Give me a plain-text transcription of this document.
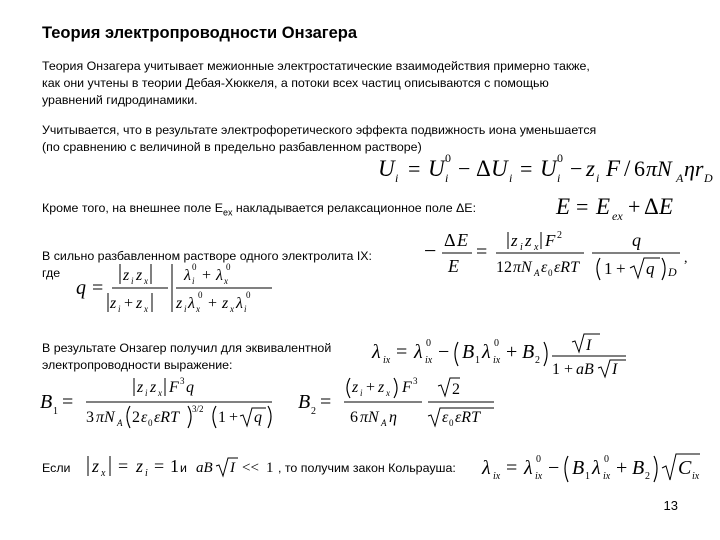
Теория электропроводности Онзагера
Теория Онзагера учитывает межионные электростатические взаимодействия примерно также,
как они учтены в теории Дебая-Хюккеля, а потоки всех частиц описываются с помощью
уравнений гидродинамики.
Учитывается, что в результате электрофоретического эффекта подвижность иона уменьшается
(по сравнению с величиной в предельно разбавленном растворе)
U i = U i
0 − Δ U i = U i
0 − z i F / 6 πN A ηr D
Кроме того, на внешнее поле $E_{ex}$ накладывается релаксационное поле ΔE:	E = E ex + Δ E
В сильно разбавленном растворе одного электролита IX:
где
− Δ E
E
=
z i z x F 2
12 πN A ε 0 εRT
q
1 + q D
,
q =
z i z x
z i + z x
λ i
0 + λ x
0
z i λ x
0 + z x λ i
0
В результате Онзагер получил для эквивалентной
электропроводности выражение:
λ ix = λ ix
0 − B 1 λ ix
0 + B 2
I
1 + aB I
B 1 =
z i z x F 3 q
3 πN A 2 ε 0 εRT 3/2 1 + q
B 2 =
z i + z x F 3
6 πN A η
2
ε 0 εRT
Если z x = z i = 1 и aB I << 1 , то получим закон Кольрауша: λ ix = λ ix
0 − B 1 λ ix
0 + B 2 C ix
13
